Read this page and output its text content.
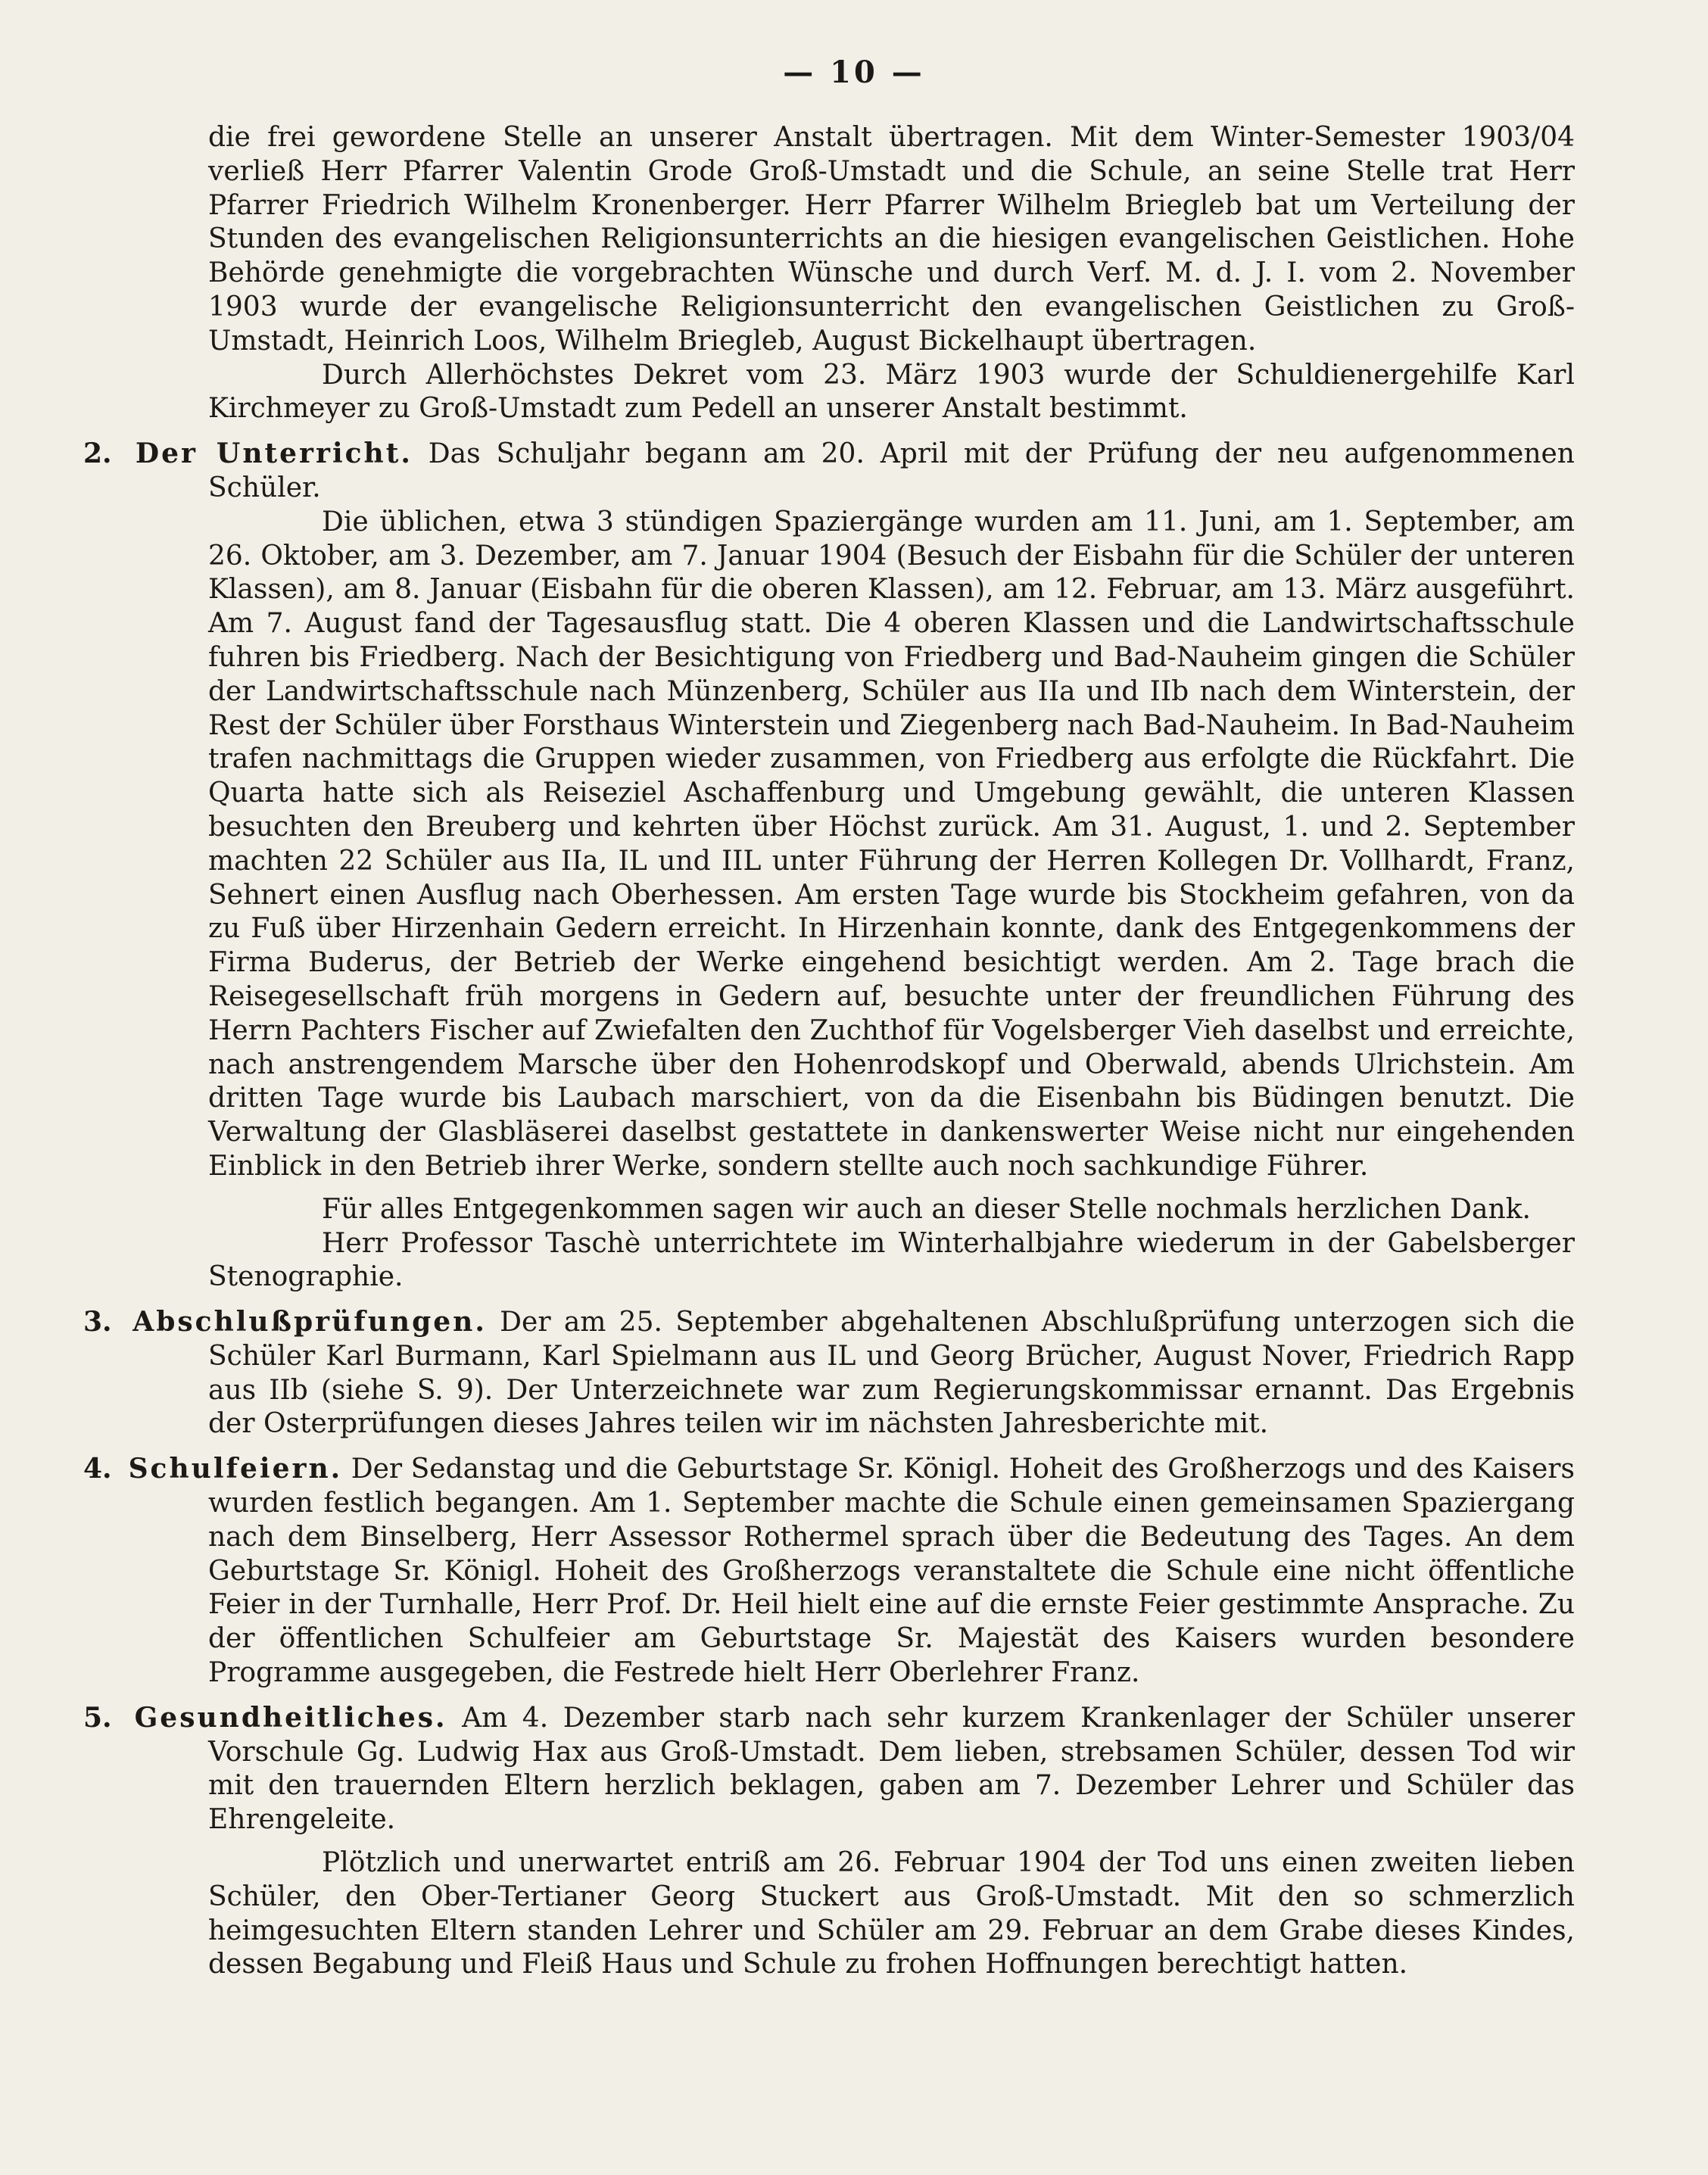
— 10 —

die frei gewordene Stelle an unserer Anstalt übertragen. Mit dem Winter-Semester 1903/04 verließ Herr Pfarrer Valentin Grode Groß-Umstadt und die Schule, an seine Stelle trat Herr Pfarrer Friedrich Wilhelm Kronenberger. Herr Pfarrer Wilhelm Briegleb bat um Verteilung der Stunden des evangelischen Religionsunterrichts an die hiesigen evangelischen Geistlichen. Hohe Behörde genehmigte die vorgebrachten Wünsche und durch Verf. M. d. J. I. vom 2. November 1903 wurde der evangelische Religionsunterricht den evangelischen Geistlichen zu Groß-Umstadt, Heinrich Loos, Wilhelm Briegleb, August Bickelhaupt übertragen.

Durch Allerhöchstes Dekret vom 23. März 1903 wurde der Schuldienergehilfe Karl Kirchmeyer zu Groß-Umstadt zum Pedell an unserer Anstalt bestimmt.

2. Der Unterricht. Das Schuljahr begann am 20. April mit der Prüfung der neu aufgenommenen Schüler.

Die üblichen, etwa 3 stündigen Spaziergänge wurden am 11. Juni, am 1. September, am 26. Oktober, am 3. Dezember, am 7. Januar 1904 (Besuch der Eisbahn für die Schüler der unteren Klassen), am 8. Januar (Eisbahn für die oberen Klassen), am 12. Februar, am 13. März ausgeführt. Am 7. August fand der Tagesausflug statt. Die 4 oberen Klassen und die Landwirtschaftsschule fuhren bis Friedberg. Nach der Besichtigung von Friedberg und Bad-Nauheim gingen die Schüler der Landwirtschaftsschule nach Münzenberg, Schüler aus IIa und IIb nach dem Winterstein, der Rest der Schüler über Forsthaus Winterstein und Ziegenberg nach Bad-Nauheim. In Bad-Nauheim trafen nachmittags die Gruppen wieder zusammen, von Friedberg aus erfolgte die Rückfahrt. Die Quarta hatte sich als Reiseziel Aschaffenburg und Umgebung gewählt, die unteren Klassen besuchten den Breuberg und kehrten über Höchst zurück. Am 31. August, 1. und 2. September machten 22 Schüler aus IIa, IL und IIL unter Führung der Herren Kollegen Dr. Vollhardt, Franz, Sehnert einen Ausflug nach Oberhessen. Am ersten Tage wurde bis Stockheim gefahren, von da zu Fuß über Hirzenhain Gedern erreicht. In Hirzenhain konnte, dank des Entgegenkommens der Firma Buderus, der Betrieb der Werke eingehend besichtigt werden. Am 2. Tage brach die Reisegesellschaft früh morgens in Gedern auf, besuchte unter der freundlichen Führung des Herrn Pachters Fischer auf Zwiefalten den Zuchthof für Vogelsberger Vieh daselbst und erreichte, nach anstrengendem Marsche über den Hohenrodskopf und Oberwald, abends Ulrichstein. Am dritten Tage wurde bis Laubach marschiert, von da die Eisenbahn bis Büdingen benutzt. Die Verwaltung der Glasbläserei daselbst gestattete in dankenswerter Weise nicht nur eingehenden Einblick in den Betrieb ihrer Werke, sondern stellte auch noch sachkundige Führer.

Für alles Entgegenkommen sagen wir auch an dieser Stelle nochmals herzlichen Dank.

Herr Professor Taschè unterrichtete im Winterhalbjahre wiederum in der Gabelsberger Stenographie.

3. Abschlußprüfungen. Der am 25. September abgehaltenen Abschlußprüfung unterzogen sich die Schüler Karl Burmann, Karl Spielmann aus IL und Georg Brücher, August Nover, Friedrich Rapp aus IIb (siehe S. 9). Der Unterzeichnete war zum Regierungskommissar ernannt. Das Ergebnis der Osterprüfungen dieses Jahres teilen wir im nächsten Jahresberichte mit.

4. Schulfeiern. Der Sedanstag und die Geburtstage Sr. Königl. Hoheit des Großherzogs und des Kaisers wurden festlich begangen. Am 1. September machte die Schule einen gemeinsamen Spaziergang nach dem Binselberg, Herr Assessor Rothermel sprach über die Bedeutung des Tages. An dem Geburtstage Sr. Königl. Hoheit des Großherzogs veranstaltete die Schule eine nicht öffentliche Feier in der Turnhalle, Herr Prof. Dr. Heil hielt eine auf die ernste Feier gestimmte Ansprache. Zu der öffentlichen Schulfeier am Geburtstage Sr. Majestät des Kaisers wurden besondere Programme ausgegeben, die Festrede hielt Herr Oberlehrer Franz.

5. Gesundheitliches. Am 4. Dezember starb nach sehr kurzem Krankenlager der Schüler unserer Vorschule Gg. Ludwig Hax aus Groß-Umstadt. Dem lieben, strebsamen Schüler, dessen Tod wir mit den trauernden Eltern herzlich beklagen, gaben am 7. Dezember Lehrer und Schüler das Ehrengeleite.

Plötzlich und unerwartet entriß am 26. Februar 1904 der Tod uns einen zweiten lieben Schüler, den Ober-Tertianer Georg Stuckert aus Groß-Umstadt. Mit den so schmerzlich heimgesuchten Eltern standen Lehrer und Schüler am 29. Februar an dem Grabe dieses Kindes, dessen Begabung und Fleiß Haus und Schule zu frohen Hoffnungen berechtigt hatten.
